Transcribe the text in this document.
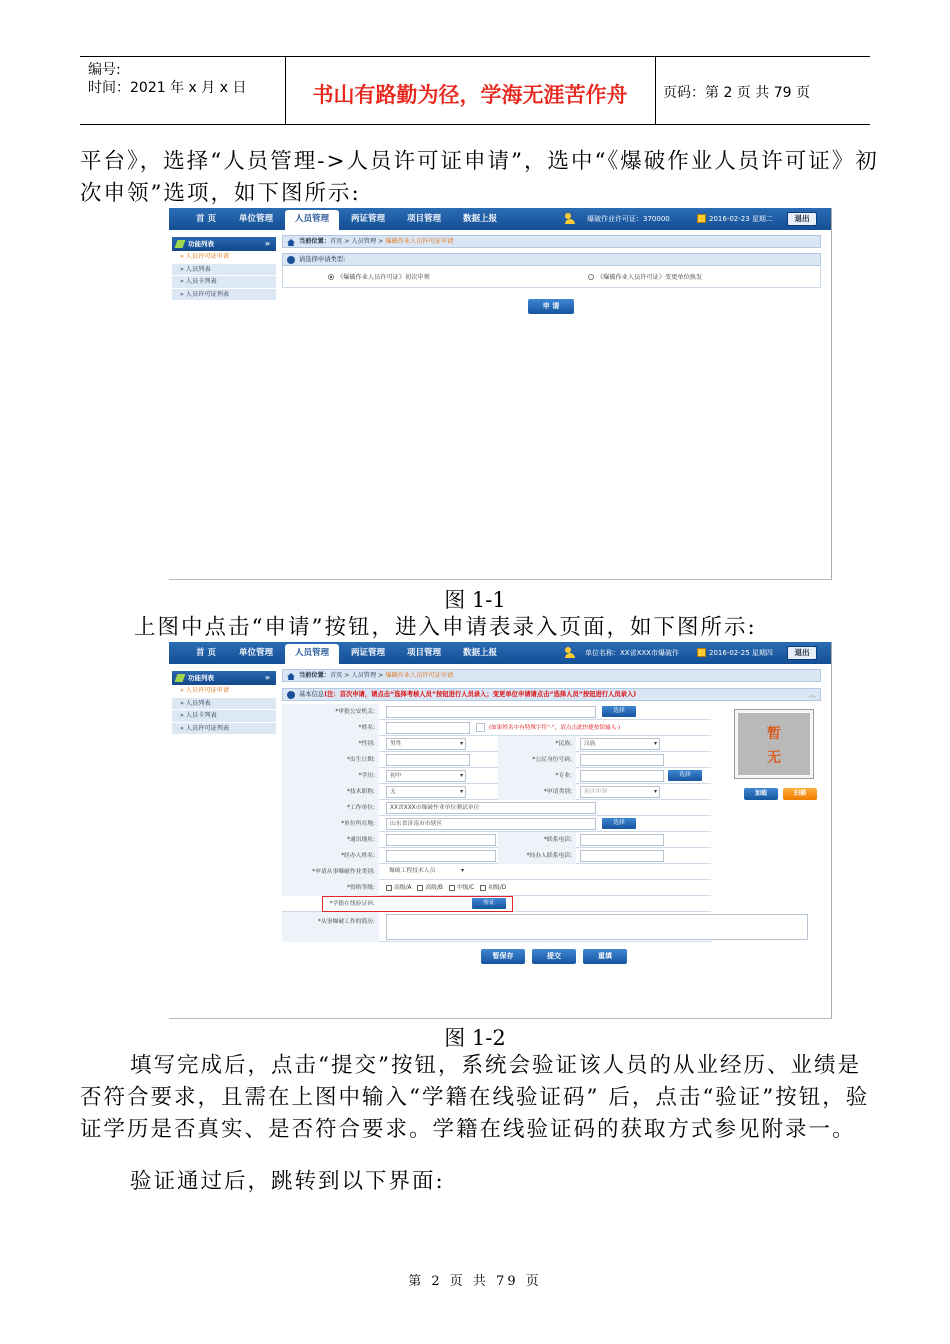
编号:
时间：2021 年 x 月 x 日	书山有路勤为径，学海无涯苦作舟	页码：第 2 页 共 79 页
平台》，选择“人员管理->人员许可证申请”，选中“《爆破作业人员许可证》初次申领”选项，如下图所示:
首 页	单位管理	人员管理	两证管理	项目管理	数据上报	爆破作业许可证：370000	2016-02-23 星期二	退出
功能列表	»
» 人员许可证申请
» 人员列表
» 人员卡列表
» 人员许可证列表
当前位置：首页 > 人员管理 > 爆破作业人员许可证申请
请选择申请类型:
《爆破作业人员许可证》初次申领	《爆破作业人员许可证》变更单位换发
申 请
图 1-1
上图中点击“申请”按钮，进入申请表录入页面，如下图所示:
首 页	单位管理	人员管理	两证管理	项目管理	数据上报	单位名称：XX省XXX市爆破作	2016-02-25 星期四	退出
功能列表	»
» 人员许可证申请
» 人员列表
» 人员卡列表
» 人员许可证列表
当前位置：首页 > 人员管理 > 爆破作业人员许可证申请
基本信息(注：首次申请，请点击“选择考核人员”按钮进行人员录入；变更单位申请请点击“选择人员”按钮进行人员录入)	︽
*审批公安机关:	选择
*姓名:	(如果姓名中有特殊字符“·”，请点击此快捷按钮输入·)
*性别:	男性 ▾	*民族:	汉族 ▾
*出生日期:	*公民身份号码:
*学历:	初中 ▾	*专业:	选择
*技术职称:	无 ▾	*申请类别:	初次申领 ▾
*工作单位:	XX省XXX市爆破作业单位测试单位
*单位所在地:	山东省济南市市辖区	选择
*通讯地址:	*联系电话:
*经办人姓名:	*经办人联系电话:
*申请从事爆破作业类别:	爆破工程技术人员 ▾
*资格等级:	高级/A 高级/B 中级/C 初级/D
*学籍在线验证码:	验证
*从事爆破工作的简历:
暂
无
加载	扫描
暂保存	提交	重填
图 1-2
填写完成后，点击“提交”按钮，系统会验证该人员的从业经历、业绩是否符合要求，且需在上图中输入“学籍在线验证码” 后，点击“验证”按钮，验证学历是否真实、是否符合要求。学籍在线验证码的获取方式参见附录一。
验证通过后，跳转到以下界面:
第 2 页 共 79 页
